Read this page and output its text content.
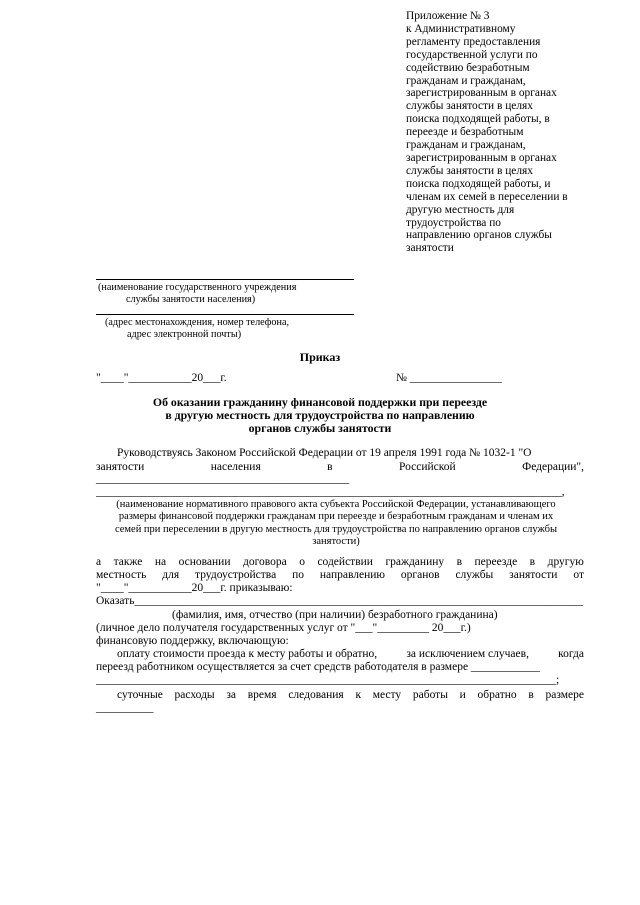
Приложение № 3
к Административному
регламенту предоставления
государственной услуги по
содействию безработным
гражданам и гражданам,
зарегистрированным в органах
службы занятости в целях
поиска подходящей работы, в
переезде и безработным
гражданам и гражданам,
зарегистрированным в органах
службы занятости в целях
поиска подходящей работы, и
членам их семей в переселении в
другую местность для
трудоустройства по
направлению органов службы
занятости
(наименование государственного учреждения
службы занятости населения)
(адрес местонахождения, номер телефона,
адрес электронной почты)
Приказ
"____"___________20___г.	№ ________________
Об оказании гражданину финансовой поддержки при переезде
в другую местность для трудоустройства по направлению
органов службы занятости
Руководствуясь Законом Российской Федерации от 19 апреля 1991 года № 1032-1 "О
занятости	населения	в	Российской	Федерации",
____________________________________________
_________________________________________________________________________________,
(наименование нормативного правового акта субъекта Российской Федерации, устанавливающего
размеры финансовой поддержки гражданам при переезде и безработным гражданам и членам их
семей при переселении в другую местность для трудоустройства по направлению органов службы
занятости)
а также на основании договора о содействии гражданину в переезде в другую
местность для трудоустройства по направлению органов службы занятости от
"____"___________20___г. приказываю:
Оказать______________________________________________________________________________
(фамилия, имя, отчество (при наличии) безработного гражданина)
(личное дело получателя государственных услуг от "___"_________ 20___г.)
финансовую поддержку, включающую:
оплату стоимости проезда к месту работы и обратно,	за исключением случаев,	когда
переезд работником осуществляется за счет средств работодателя в размере ____________
________________________________________________________________________________;
суточные расходы за время следования к месту работы и обратно в размере
__________
